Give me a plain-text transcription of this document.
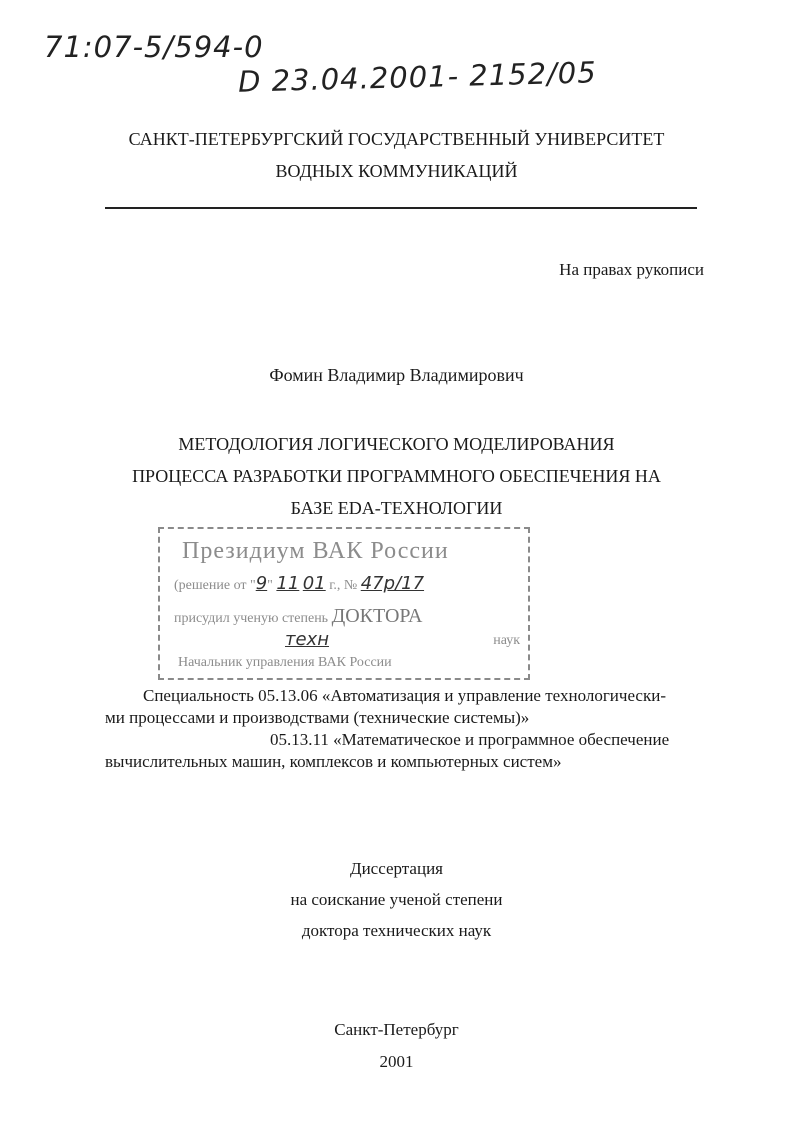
71:07-5/594-0
D 23.04.2001- 2152/05
САНКТ-ПЕТЕРБУРГСКИЙ ГОСУДАРСТВЕННЫЙ УНИВЕРСИТЕТ
ВОДНЫХ КОММУНИКАЦИЙ
На правах рукописи
Фомин Владимир Владимирович
МЕТОДОЛОГИЯ ЛОГИЧЕСКОГО МОДЕЛИРОВАНИЯ
ПРОЦЕССА РАЗРАБОТКИ ПРОГРАММНОГО ОБЕСПЕЧЕНИЯ НА
БАЗЕ EDA-ТЕХНОЛОГИИ
Президиум ВАК России
(решение от "9" 11 01 г., № 47р/17
присудил ученую степень ДОКТОРА
техн	наук
Начальник управления ВАК России
Специальность 05.13.06 «Автоматизация и управление технологически-
ми процессами и производствами (технические системы)»
05.13.11 «Математическое и программное обеспечение
вычислительных машин, комплексов и компьютерных систем»
Диссертация
на соискание ученой степени
доктора технических наук
Санкт-Петербург
2001
